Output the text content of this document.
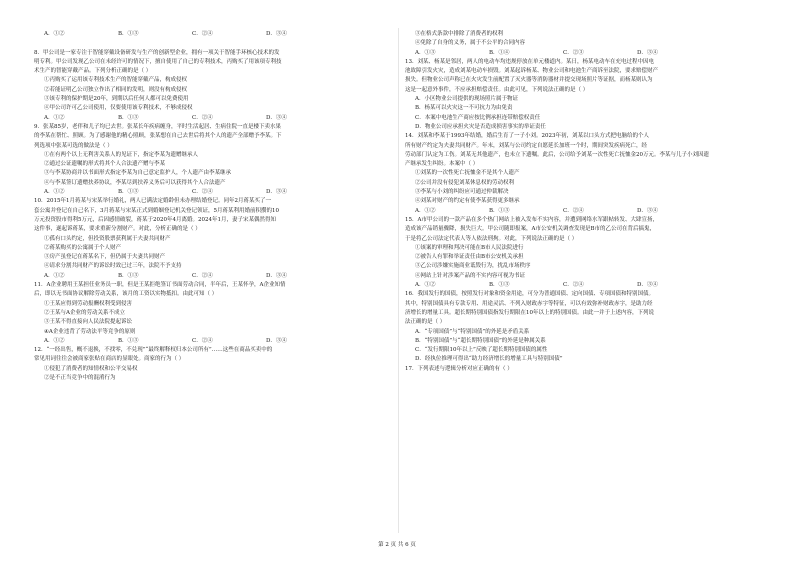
A．①②	B．①③	C．②④	D．③④
8．甲公司是一家专注于智能穿戴设备研发与生产的创新型企业，拥有一项关于智能手环核心技术的发
明专利。甲公司发现乙公司在未经许可的情况下，擅自使用了自己的专利技术，丙购买了用该项专利技
术生产的智能穿戴产品。下列分析正确的是（ ）
①丙购买了运用该专利技术生产的智能穿戴产品，构成侵权
②若能证明乙公司独立作出了相同的发明，则没有构成侵权
③该专利的保护期是20年，到期以后任何人都可以免费使用
④甲公司许可乙公司使用，仅要使用该专利技术，不够成侵权
A．①②	B．①③	C．②④	D．③④
9．张某85岁，老伴和儿子均已去世。张某长年疾病缠身，平时生活起居、生病住院一直是楼下卖水果
的李某在帮忙、照顾。为了感谢他的精心照顾，张某想在自己去世后将其个人的遗产全部赠予李某。下
列选项中张某可选的做法是（ ）
①在有两个以上无利害关系人的见证下，指定李某为遗赠继承人
②通过公证遗嘱的形式将其个人合法遗产赠与李某
③与李某协商并以书面形式指定李某为自己意定监护人，个人遗产由李某继承
④与李某签订遗赠扶养协议，李某尽到扶养义务后可以获得其个人合法遗产
A．①②	B．①③	C．②④	D．③④
10．2015年1月蒋某与宋某举行婚礼，两人已满法定婚龄但未办理结婚登记。同年2月蒋某买了一
套公寓并登记在自己名下，3月蒋某与宋某正式到婚姻登记机关登记领证，5月蒋某利用婚前积攒的10
万元投资股市得利5万元，后因感情破裂，蒋某于2020年4月离婚。2024年1月，妻子宋某偶然得知
这件事，遂起诉蒋某，要求重新分割财产。对此，分析正确的是（ ）
①孤有口头约定，但投资股票获利属于夫妻共同财产
②蒋某购买的公寓属于个人财产
③房产虽登记在蒋某名下，但仍属于夫妻共同财产
④请求分割共同财产的诉讼时效已过三年，法院不予支持
A．①②	B．①③	C．②④	D．③④
11．A企业聘用王某担任业务员一职，但是王某拒绝签订书面劳动合同，半年后，王某怀孕，A企业知情
后，即以无书面协议解除劳动关系，该月的工资以实物抵扣。由此可知（ ）
①王某应得到劳动报酬权利受到侵害
②王某与A企业的劳动关系不成立
③王某不得直接向人民法院提起诉讼
④A企业违背了劳动法平等竞争的原则
A．①②	B．①③	C．②④	D．③④
12．“一经出售，概不退换，不找零，不兑现”“最终解释权归本公司所有”……这些在商品买卖中的
常见用词往往会被商家张贴在商店的显眼处。商家的行为（ ）
①侵犯了消费者的知情权和公平交易权
②是不正当竞争中的混淆行为
③在格式条款中排除了消费者的权利
④免除了自身的义务，属于不公平的合同内容
A．①③	B．①④	C．②③	D．③④
13．刘某、杨某是邻居，两人的电动车均违规停放在单元楼道内。某日，杨某电动车在充电过程中因电
池故障引发火灾，造成刘某电动车损毁。刘某起诉杨某、物业公司和电池生产商诉至法院，要求赔偿财产
损失。但物业公司声称已在火灾发生前配置了灭火器等消防器材并提交现场照片等证据，而杨某则认为
这是一起意外事件，不应承担赔偿责任。由此可见，下列说法正确的是（ ）
A．小区物业公司提供的现场照片属于物证
B．杨某可以火灾这一不可抗力为由免责
C．本案中电池生产商应按比例承担连带赔偿权责任
D．物业公司应承担火灾是否造成损害事实的举证责任
14．刘某和李某于1993年结婚，婚后生育了一子小刘。2023年初，刘某以口头方式把电脑给的个人
所有财产约定为夫妻共同财产。年末，刘某与公司约定自愿延长加班一个时，期间突发疾病死亡，经
劳动部门认定为工伤。刘某无其他遗产，也未立下遗嘱。此后，公司给予刘某一次性死亡抚恤金20万元。李某与儿子小刘因遗
产继承发生纠纷。本案中（ ）
①刘某的一次性死亡抚恤金不是其个人遗产
②公司并没有侵犯刘某休息权的劳动权利
③李某与小刘的纠纷应可通过仲裁解决
④刘某对财产的约定有使李某获得更多继承
A．①②	B．①③	C．②④	D．③④
15．A市甲公司的一款产品在多个热门网站上被入发布不实内容，并遭到网络水军跟帖转发、大肆宣扬，
造成该产品销量骤降，损失巨大。甲公司随即报案，A市公安机关调查发现是B市的乙公司在背后搞鬼，
于是将乙公司法定代表人等人依法刑拘。对此，下列说法正确的是（ ）
①该案的审理和判决可能在B市人民法院进行
②被告人有罪和举证责任由B市公安机关承担
③乙公司涉嫌实施商业诋毁行为，扰乱市场秩序
④网站上针对涉案产品的不实内容可视为书证
A．①②	B．①③	C．②④	D．③④
16．我国发行的国债，按照发行对象和资金用途，可分为普通国债、定向国债、专项国债和特别国债。
其中，特别国债具有专款专用、用途灵活、不列入财政赤字等特征，可以有效弥补财政赤字，是助力经
济增长的增量工具。超长期特别国债指发行期限在10年以上的特别国债。由此一并于上述内容，下列说
法正确的是（ ）
A．“专项国债”与“特别国债”的外延是矛盾关系
B．“特别国债”与“超长期特别国债”的外延是种属关系
C．“发行期限10年以上”反映了超长期特别国债的属性
D．经执位推理可得出“助力经济增长的增量工具与特别国债”
17．下列表述与逻辑分析对应正确的有（ ）
第 2 页 共 6 页
